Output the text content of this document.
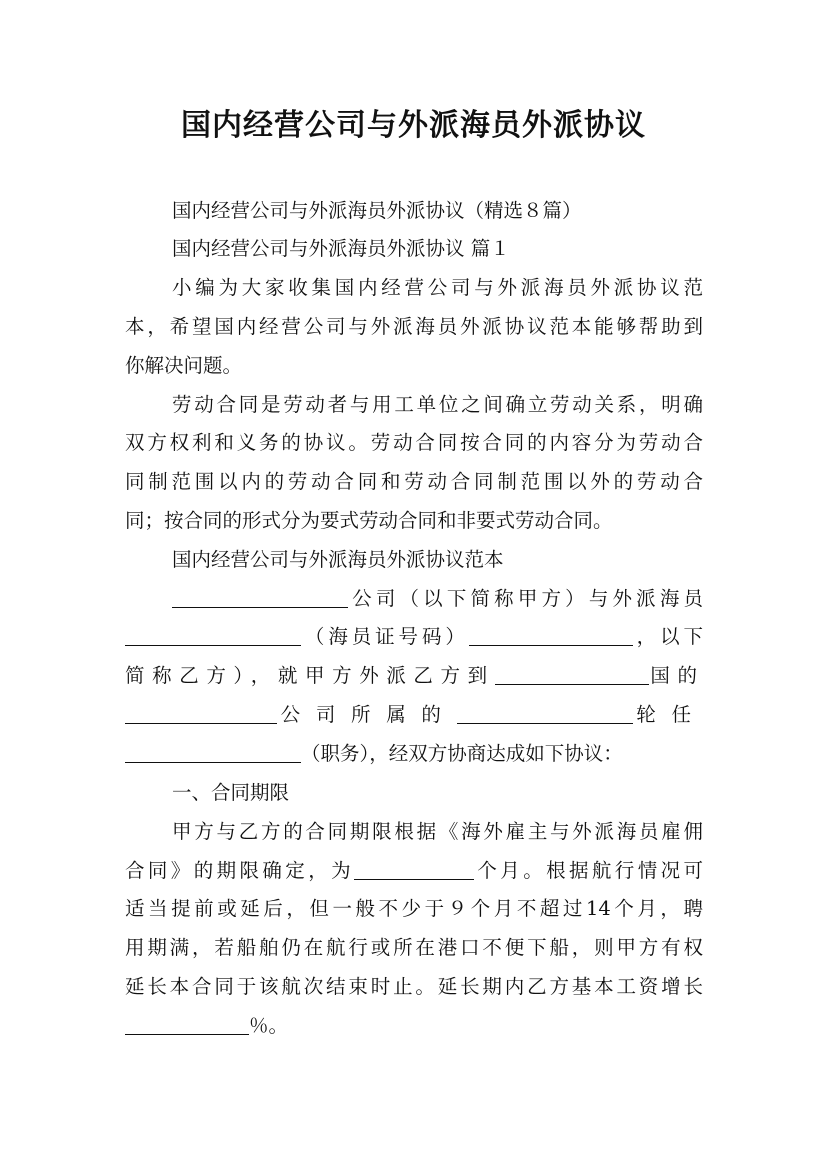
国内经营公司与外派海员外派协议
国内经营公司与外派海员外派协议（精选８篇）
国内经营公司与外派海员外派协议 篇１
小编为大家收集国内经营公司与外派海员外派协议范
本，希望国内经营公司与外派海员外派协议范本能够帮助到
你解决问题。
劳动合同是劳动者与用工单位之间确立劳动关系，明确
双方权利和义务的协议。劳动合同按合同的内容分为劳动合
同制范围以内的劳动合同和劳动合同制范围以外的劳动合
同；按合同的形式分为要式劳动合同和非要式劳动合同。
国内经营公司与外派海员外派协议范本
公司（以下简称甲方）与外派海员
（海员证号码）	，以下
简称乙方），就甲方外派乙方到	国的
公司所属的	轮任
（职务），经双方协商达成如下协议：
一、合同期限
甲方与乙方的合同期限根据《海外雇主与外派海员雇佣
合同》的期限确定，为	个月。根据航行情况可
适当提前或延后，但一般不少于９个月不超过14个月，聘
用期满，若船舶仍在航行或所在港口不便下船，则甲方有权
延长本合同于该航次结束时止。延长期内乙方基本工资增长
％。
